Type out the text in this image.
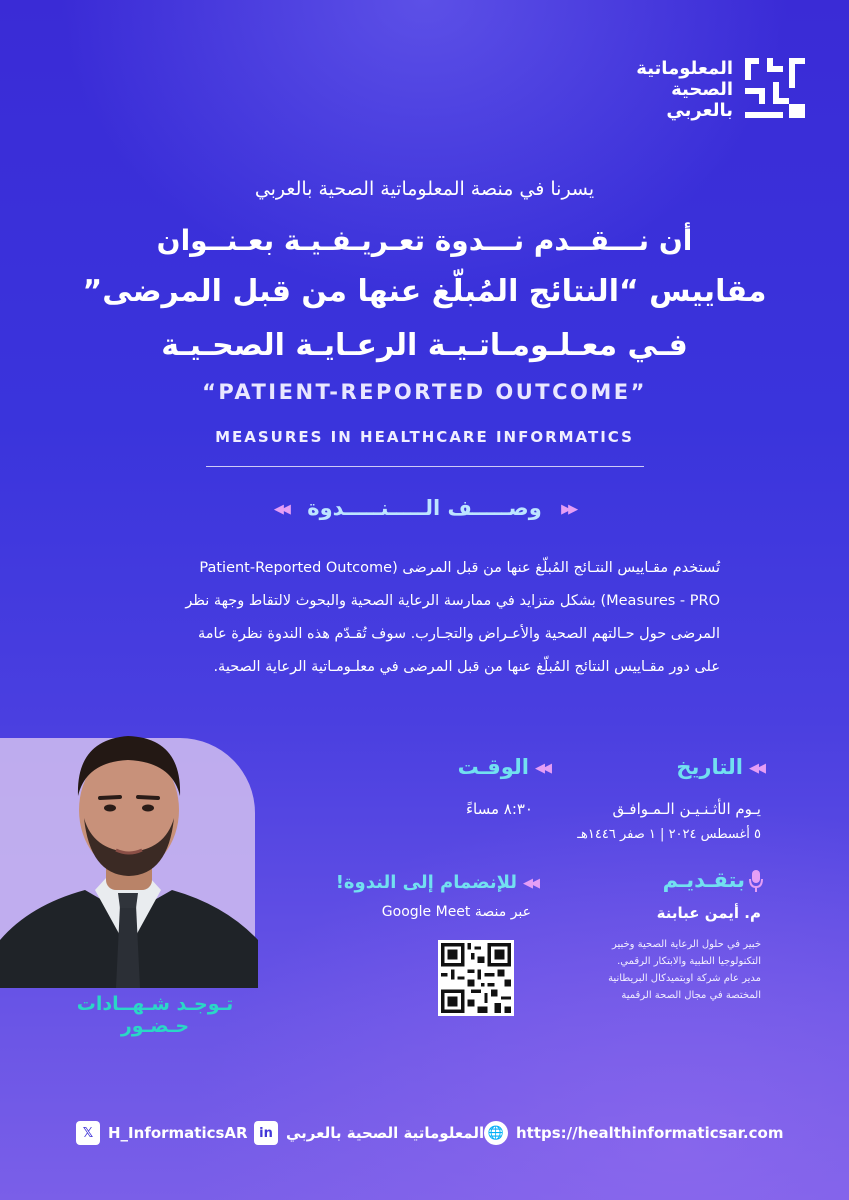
المعلوماتية
الصحية
بالعربي
يسرنا في منصة المعلوماتية الصحية بالعربي
أن نـــقــدم نـــدوة تعـريـفـيـة بعـنــوان
مقاييس “النتائج المُبلّغ عنها من قبل المرضى”
فـي معـلـومـاتـيـة الرعـايـة الصحـيـة
“PATIENT-REPORTED OUTCOME”
MEASURES IN HEALTHCARE INFORMATICS
◀◀ وصـــــف الـــــنـــــدوة ▶▶
تُستخدم مقـاييس النتـائج المُبلّغ عنها من قبل المرضى (Patient-Reported Outcome
Measures - PRO) بشكل متزايد في ممارسة الرعاية الصحية والبحوث لالتقاط وجهة نظر
المرضى حول حـالتهم الصحية والأعـراض والتجـارب. سوف تُقـدّم هذه الندوة نظرة عامة
على دور مقـاييس النتائج المُبلّغ عنها من قبل المرضى في معلـومـاتية الرعاية الصحية.
تـوجـد شـهــادات حـضـور
◀◀التاريخ
◀◀الوقـت
يـوم الأثـنـيـن الـمـوافـق
٥ أغسطس ٢٠٢٤ | ١ صفر ١٤٤٦هـ
٨:٣٠ مساءً
بتقـديـم
◀◀للإنضمام إلى الندوة!
م. أيمن عبابنة
خبير في حلول الرعاية الصحية وخبير
التكنولوجيا الطبية والابتكار الرقمي.
مدير عام شركة اوبتميدكال البريطانية
المختصة في مجال الصحة الرقمية
عبر منصة Google Meet
𝕏 H_InformaticsAR in المعلوماتية الصحية بالعربي 🌐 https://healthinformaticsar.com
